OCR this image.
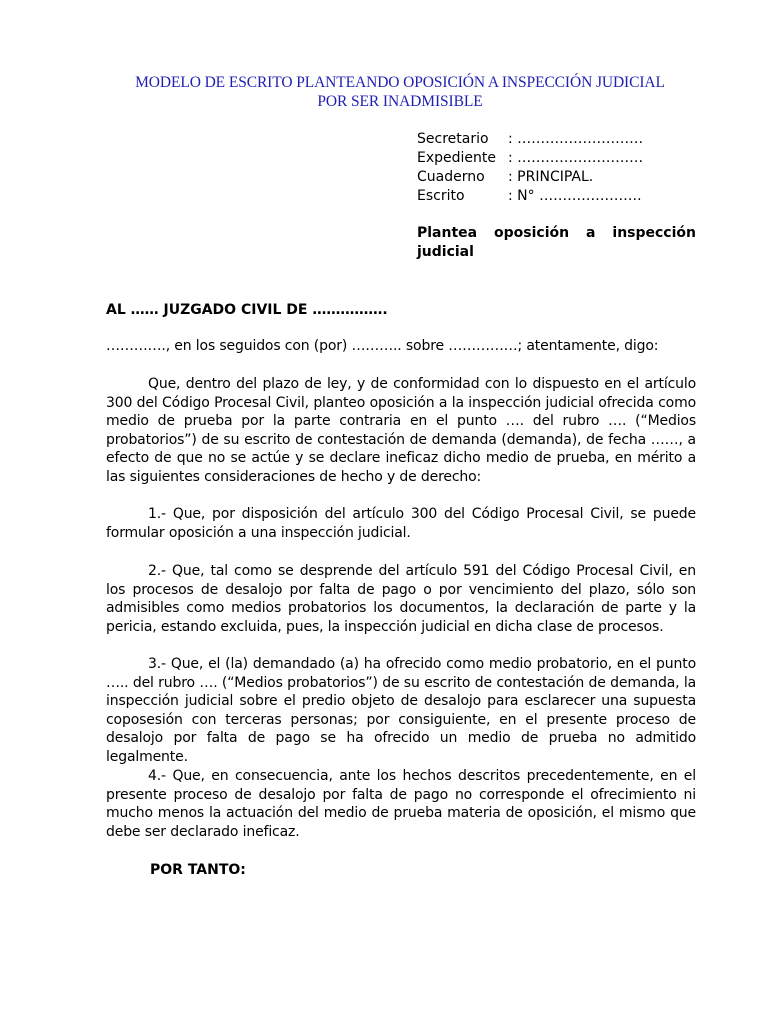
MODELO DE ESCRITO PLANTEANDO OPOSICIÓN A INSPECCIÓN JUDICIAL
POR SER INADMISIBLE
Secretario	: ………………………
Expediente : ………………………
Cuaderno	: PRINCIPAL.
Escrito	: N° ………………….
Plantea oposición a inspección
judicial
AL …… JUZGADO CIVIL DE …………….
…………., en los seguidos con (por) ……….. sobre ……………; atentamente, digo:
Que, dentro del plazo de ley, y de conformidad con lo dispuesto en el artículo 300 del Código Procesal Civil, planteo oposición a la inspección judicial ofrecida como medio de prueba por la parte contraria en el punto …. del rubro …. (“Medios probatorios”) de su escrito de contestación de demanda (demanda), de fecha ……, a efecto de que no se actúe y se declare ineficaz dicho medio de prueba, en mérito a las siguientes consideraciones de hecho y de derecho:
1.- Que, por disposición del artículo 300 del Código Procesal Civil, se puede formular oposición a una inspección judicial.
2.- Que, tal como se desprende del artículo 591 del Código Procesal Civil, en los procesos de desalojo por falta de pago o por vencimiento del plazo, sólo son admisibles como medios probatorios los documentos, la declaración de parte y la pericia, estando excluida, pues, la inspección judicial en dicha clase de procesos.
3.- Que, el (la) demandado (a) ha ofrecido como medio probatorio, en el punto ….. del rubro …. (“Medios probatorios”) de su escrito de contestación de demanda, la inspección judicial sobre el predio objeto de desalojo para esclarecer una supuesta coposesión con terceras personas; por consiguiente, en el presente proceso de desalojo por falta de pago se ha ofrecido un medio de prueba no admitido legalmente.
4.- Que, en consecuencia, ante los hechos descritos precedentemente, en el presente proceso de desalojo por falta de pago no corresponde el ofrecimiento ni mucho menos la actuación del medio de prueba materia de oposición, el mismo que debe ser declarado ineficaz.
POR TANTO:
